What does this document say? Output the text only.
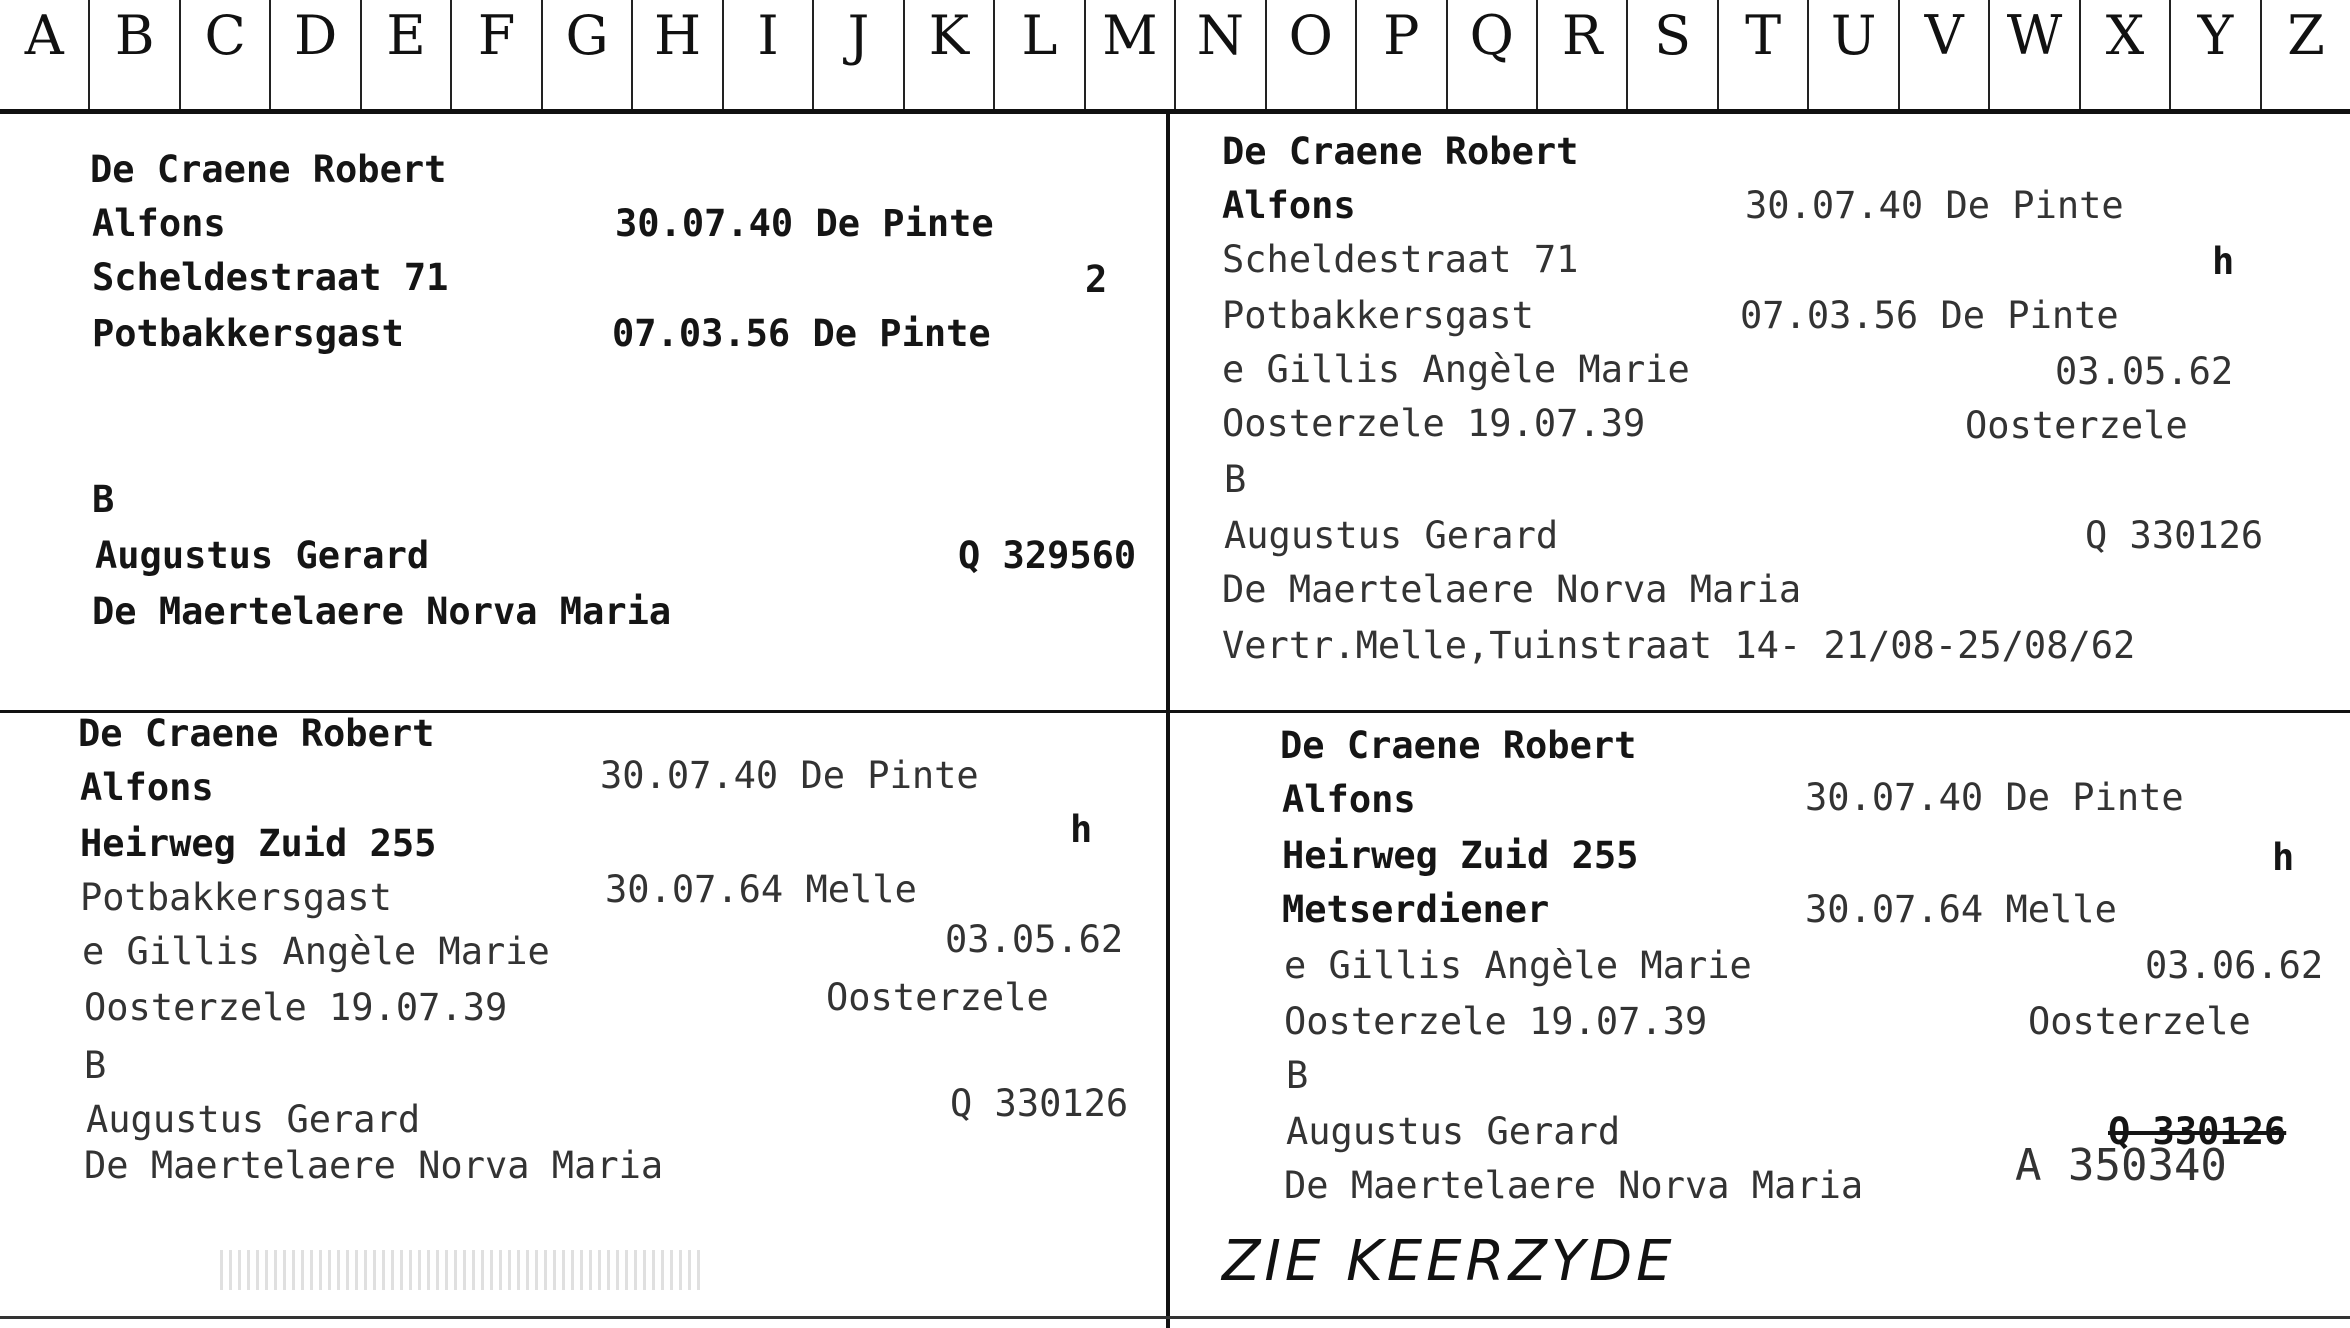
A B C D E F G H	I	J	K L M N O P Q R S T U V W X Y Z
De Craene Robert
Alfons	30.07.40 De Pinte
Scheldestraat 71	2
Potbakkersgast	07.03.56 De Pinte
B
Augustus Gerard	Q 329560
De Maertelaere Norva Maria
De Craene Robert
Alfons	30.07.40 De Pinte
Scheldestraat 71	h
Potbakkersgast	07.03.56 De Pinte
e Gillis Angèle Marie	03.05.62
Oosterzele 19.07.39	Oosterzele
B
Augustus Gerard	Q 330126
De Maertelaere Norva Maria
Vertr.Melle,Tuinstraat 14- 21/08-25/08/62
De Craene Robert
Alfons	30.07.40 De Pinte
Heirweg Zuid 255	h
Potbakkersgast	30.07.64 Melle
e Gillis Angèle Marie	03.05.62
Oosterzele 19.07.39	Oosterzele
B
Augustus Gerard	Q 330126
De Maertelaere Norva Maria
De Craene Robert
Alfons	30.07.40 De Pinte
Heirweg Zuid 255	h
Metserdiener	30.07.64 Melle
e Gillis Angèle Marie	03.06.62
Oosterzele 19.07.39	Oosterzele
B
Augustus Gerard	Q 330126
A 350340
De Maertelaere Norva Maria
ZIE KEERZYDE
